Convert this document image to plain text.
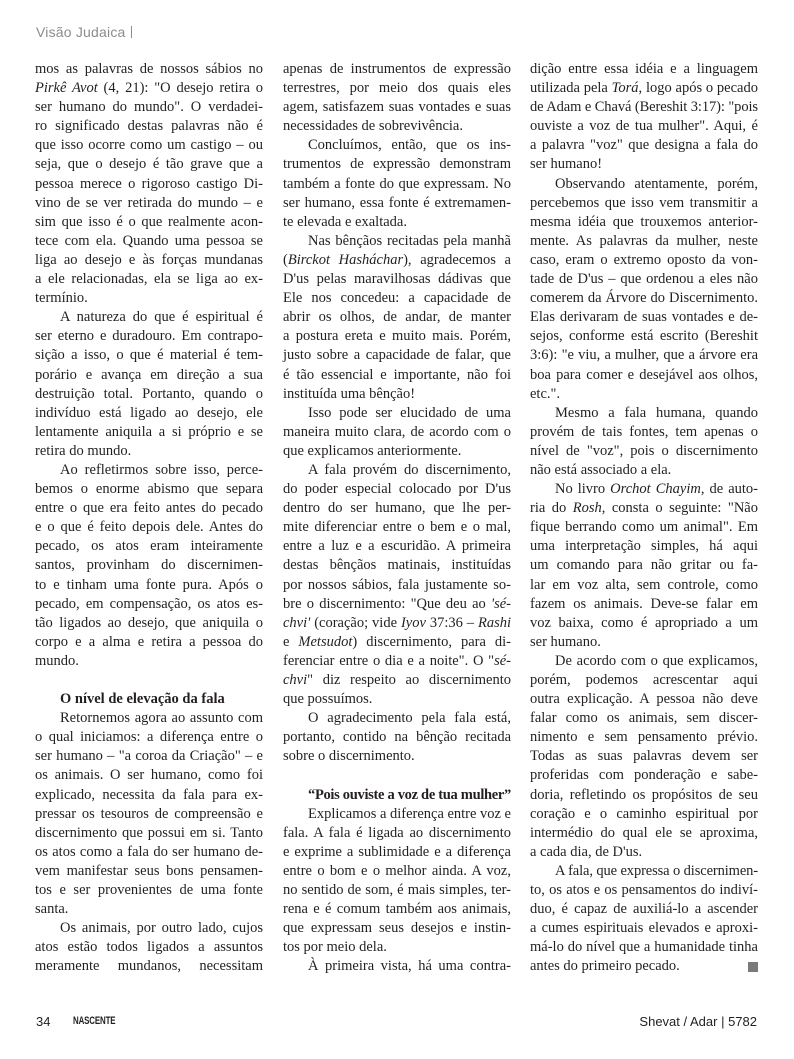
Visão Judaica
mos as palavras de nossos sábios no
Pirkê Avot (4, 21): "O desejo retira o
ser humano do mundo". O verdadei-
ro significado destas palavras não é
que isso ocorre como um castigo – ou
seja, que o desejo é tão grave que a
pessoa merece o rigoroso castigo Di-
vino de se ver retirada do mundo – e
sim que isso é o que realmente acon-
tece com ela. Quando uma pessoa se
liga ao desejo e às forças mundanas
a ele relacionadas, ela se liga ao ex-
termínio.
A natureza do que é espiritual é
ser eterno e duradouro. Em contrapo-
sição a isso, o que é material é tem-
porário e avança em direção a sua
destruição total. Portanto, quando o
indivíduo está ligado ao desejo, ele
lentamente aniquila a si próprio e se
retira do mundo.
Ao refletirmos sobre isso, perce-
bemos o enorme abismo que separa
entre o que era feito antes do pecado
e o que é feito depois dele. Antes do
pecado, os atos eram inteiramente
santos, provinham do discernimen-
to e tinham uma fonte pura. Após o
pecado, em compensação, os atos es-
tão ligados ao desejo, que aniquila o
corpo e a alma e retira a pessoa do
mundo.
O nível de elevação da fala
Retornemos agora ao assunto com
o qual iniciamos: a diferença entre o
ser humano – "a coroa da Criação" – e
os animais. O ser humano, como foi
explicado, necessita da fala para ex-
pressar os tesouros de compreensão e
discernimento que possui em si. Tanto
os atos como a fala do ser humano de-
vem manifestar seus bons pensamen-
tos e ser provenientes de uma fonte
santa.
Os animais, por outro lado, cujos
atos estão todos ligados a assuntos
meramente mundanos, necessitam
apenas de instrumentos de expressão
terrestres, por meio dos quais eles
agem, satisfazem suas vontades e suas
necessidades de sobrevivência.
Concluímos, então, que os ins-
trumentos de expressão demonstram
também a fonte do que expressam. No
ser humano, essa fonte é extremamen-
te elevada e exaltada.
Nas bênçãos recitadas pela manhã
(Birckot Hasháchar), agradecemos a
D'us pelas maravilhosas dádivas que
Ele nos concedeu: a capacidade de
abrir os olhos, de andar, de manter
a postura ereta e muito mais. Porém,
justo sobre a capacidade de falar, que
é tão essencial e importante, não foi
instituída uma bênção!
Isso pode ser elucidado de uma
maneira muito clara, de acordo com o
que explicamos anteriormente.
A fala provém do discernimento,
do poder especial colocado por D'us
dentro do ser humano, que lhe per-
mite diferenciar entre o bem e o mal,
entre a luz e a escuridão. A primeira
destas bênçãos matinais, instituídas
por nossos sábios, fala justamente so-
bre o discernimento: "Que deu ao 'sé-
chvi' (coração; vide Iyov 37:36 – Rashi
e Metsudot) discernimento, para di-
ferenciar entre o dia e a noite". O "sé-
chvi" diz respeito ao discernimento
que possuímos.
O agradecimento pela fala está,
portanto, contido na bênção recitada
sobre o discernimento.
“Pois ouviste a voz de tua mulher”
Explicamos a diferença entre voz e
fala. A fala é ligada ao discernimento
e exprime a sublimidade e a diferença
entre o bom e o melhor ainda. A voz,
no sentido de som, é mais simples, ter-
rena e é comum também aos animais,
que expressam seus desejos e instin-
tos por meio dela.
À primeira vista, há uma contra-
dição entre essa idéia e a linguagem
utilizada pela Torá, logo após o pecado
de Adam e Chavá (Bereshit 3:17): "pois
ouviste a voz de tua mulher". Aqui, é
a palavra "voz" que designa a fala do
ser humano!
Observando atentamente, porém,
percebemos que isso vem transmitir a
mesma idéia que trouxemos anterior-
mente. As palavras da mulher, neste
caso, eram o extremo oposto da von-
tade de D'us – que ordenou a eles não
comerem da Árvore do Discernimento.
Elas derivaram de suas vontades e de-
sejos, conforme está escrito (Bereshit
3:6): "e viu, a mulher, que a árvore era
boa para comer e desejável aos olhos,
etc.".
Mesmo a fala humana, quando
provém de tais fontes, tem apenas o
nível de "voz", pois o discernimento
não está associado a ela.
No livro Orchot Chayim, de auto-
ria do Rosh, consta o seguinte: "Não
fique berrando como um animal". Em
uma interpretação simples, há aqui
um comando para não gritar ou fa-
lar em voz alta, sem controle, como
fazem os animais. Deve-se falar em
voz baixa, como é apropriado a um
ser humano.
De acordo com o que explicamos,
porém, podemos acrescentar aqui
outra explicação. A pessoa não deve
falar como os animais, sem discer-
nimento e sem pensamento prévio.
Todas as suas palavras devem ser
proferidas com ponderação e sabe-
doria, refletindo os propósitos de seu
coração e o caminho espiritual por
intermédio do qual ele se aproxima,
a cada dia, de D'us.
A fala, que expressa o discernimen-
to, os atos e os pensamentos do indiví-
duo, é capaz de auxiliá-lo a ascender
a cumes espirituais elevados e aproxi-
má-lo do nível que a humanidade tinha
antes do primeiro pecado.
34 NASCENTE	Shevat / Adar | 5782
